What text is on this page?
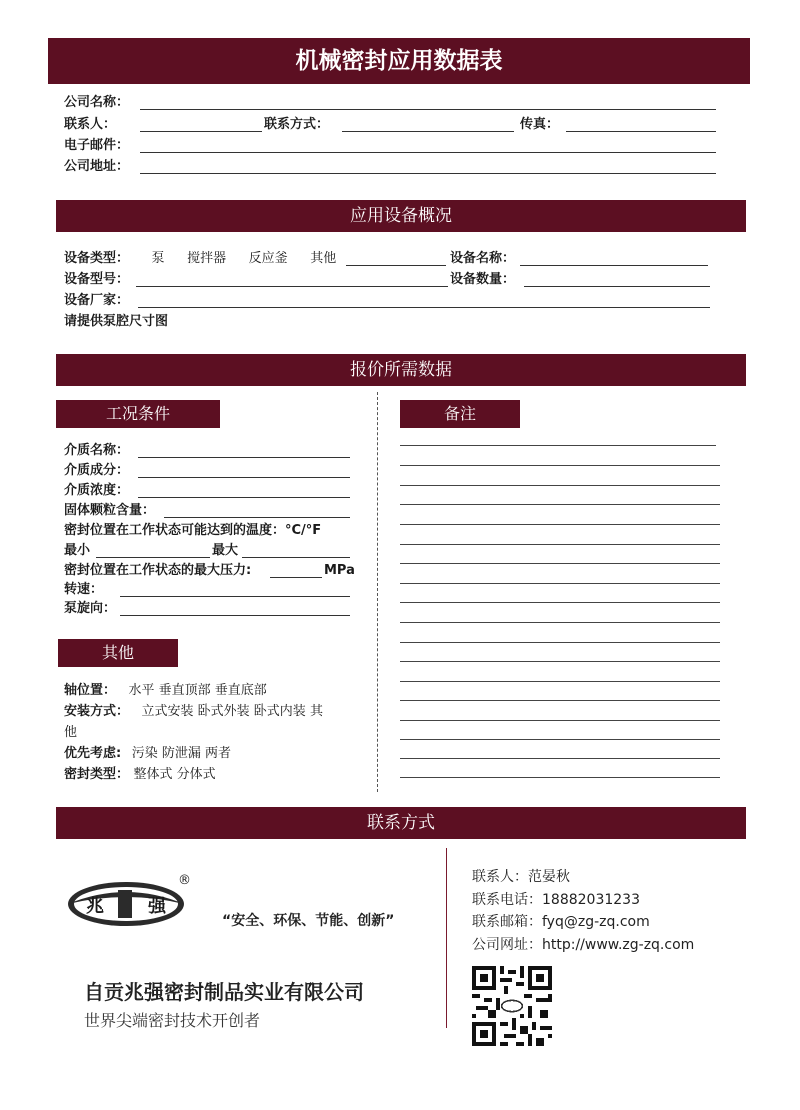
机械密封应用数据表
公司名称：
联系人：	联系方式：	传真：
电子邮件：
公司地址：
应用设备概况
设备类型： 泵 搅拌器 反应釜 其他	设备名称：
设备型号：	设备数量：
设备厂家：
请提供泵腔尺寸图
报价所需数据
工况条件	备注
介质名称：
介质成分：
介质浓度：
固体颗粒含量：
密封位置在工作状态可能达到的温度：°C/°F
最小	最大
密封位置在工作状态的最大压力:	MPa
转速：
泵旋向：
其他
轴位置： 水平 垂直顶部 垂直底部
安装方式： 立式安装 卧式外装 卧式内装 其
他
优先考虑: 污染 防泄漏 两者
密封类型： 整体式 分体式
联系方式
兆 强
®
“安全、环保、节能、创新”
自贡兆强密封制品实业有限公司
世界尖端密封技术开创者
联系人：范晏秋
联系电话：18882031233
联系邮箱：fyq@zg-zq.com
公司网址：http://www.zg-zq.com
